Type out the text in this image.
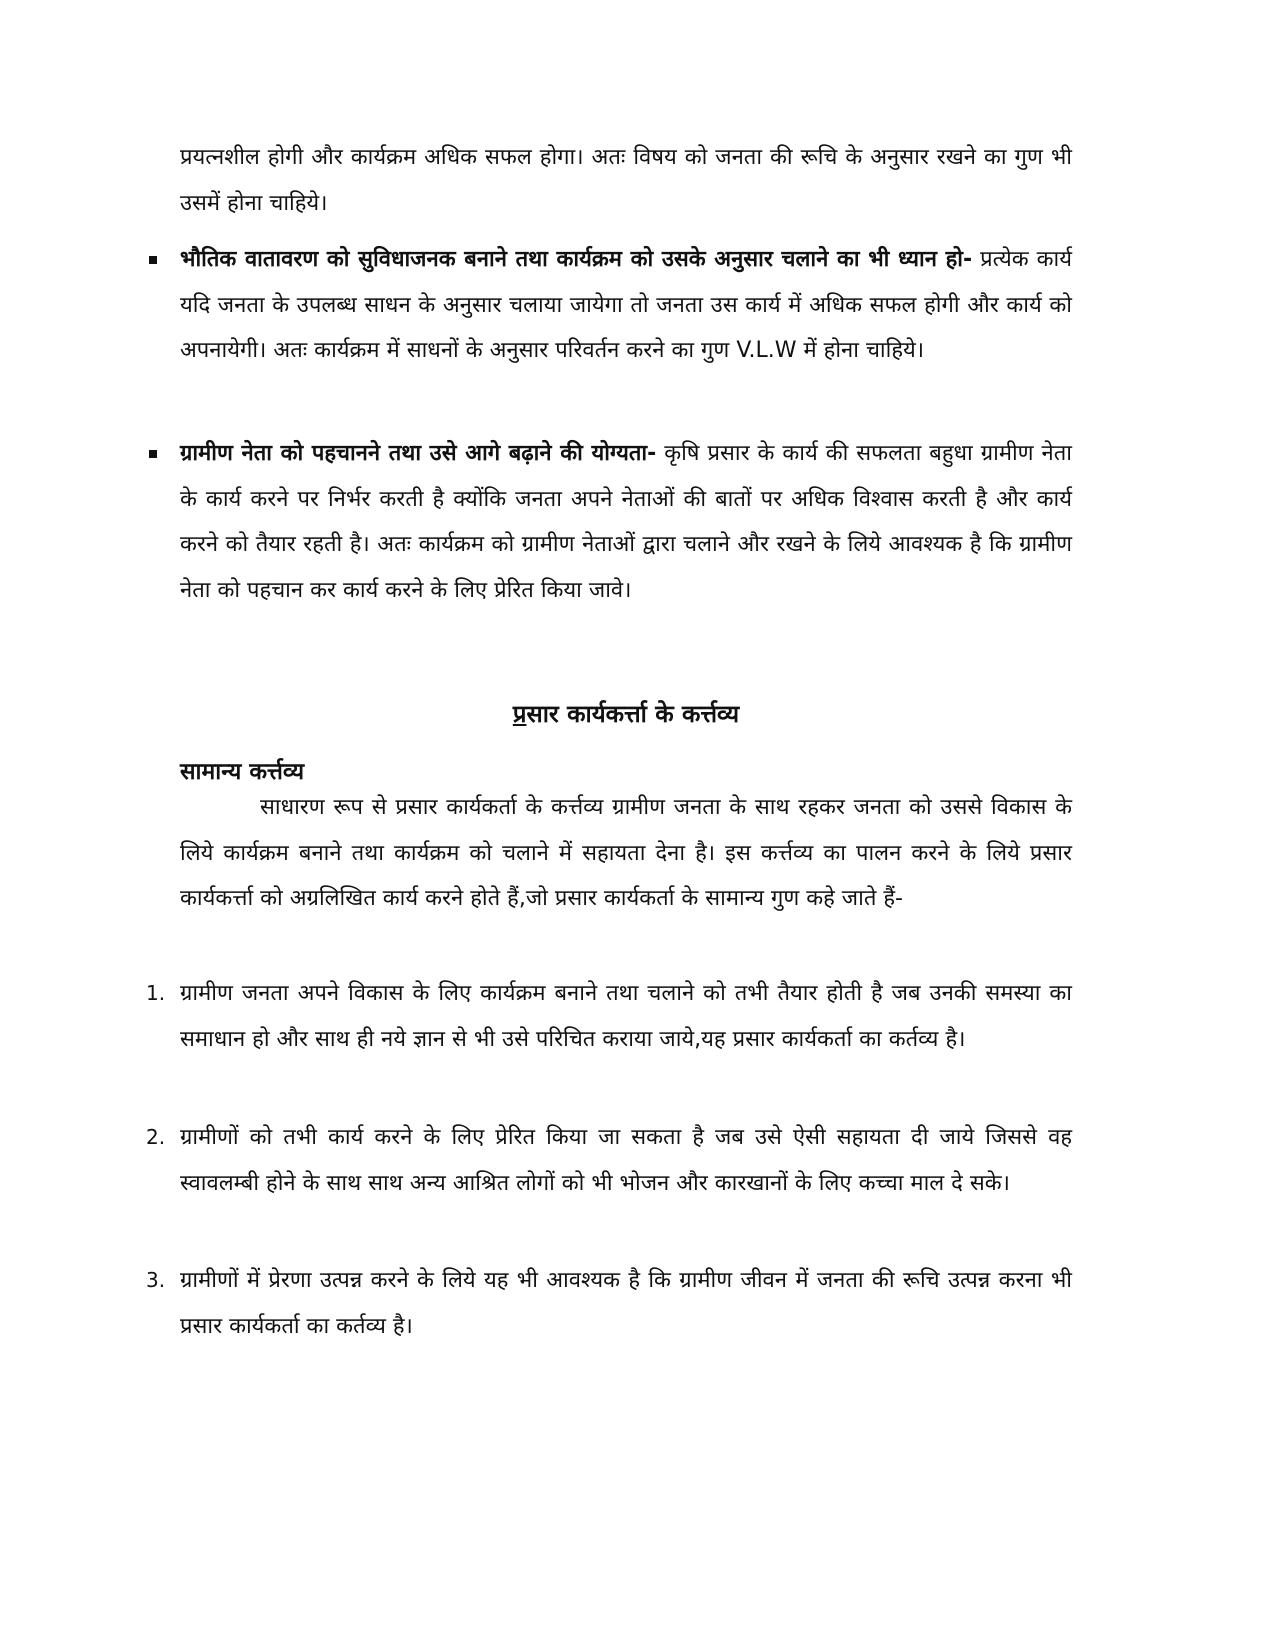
प्रयत्नशील होगी और कार्यक्रम अधिक सफल होगा। अतः विषय को जनता की रूचि के अनुसार रखने का गुण भी उसमें होना चाहिये।
भौतिक वातावरण को सुविधाजनक बनाने तथा कार्यक्रम को उसके अनुसार चलाने का भी ध्यान हो- प्रत्येक कार्य यदि जनता के उपलब्ध साधन के अनुसार चलाया जायेगा तो जनता उस कार्य में अधिक सफल होगी और कार्य को अपनायेगी। अतः कार्यक्रम में साधनों के अनुसार परिवर्तन करने का गुण V.L.W में होना चाहिये।
ग्रामीण नेता को पहचानने तथा उसे आगे बढ़ाने की योग्यता- कृषि प्रसार के कार्य की सफलता बहुधा ग्रामीण नेता के कार्य करने पर निर्भर करती है क्योंकि जनता अपने नेताओं की बातों पर अधिक विश्वास करती है और कार्य करने को तैयार रहती है। अतः कार्यक्रम को ग्रामीण नेताओं द्वारा चलाने और रखने के लिये आवश्यक है कि ग्रामीण नेता को पहचान कर कार्य करने के लिए प्रेरित किया जावे।
प्रसार कार्यकर्त्ता के कर्त्तव्य
सामान्य कर्त्तव्य
साधारण रूप से प्रसार कार्यकर्ता के कर्त्तव्य ग्रामीण जनता के साथ रहकर जनता को उससे विकास के लिये कार्यक्रम बनाने तथा कार्यक्रम को चलाने में सहायता देना है। इस कर्त्तव्य का पालन करने के लिये प्रसार कार्यकर्त्ता को अग्रलिखित कार्य करने होते हैं,जो प्रसार कार्यकर्ता के सामान्य गुण कहे जाते हैं-
1. ग्रामीण जनता अपने विकास के लिए कार्यक्रम बनाने तथा चलाने को तभी तैयार होती है जब उनकी समस्या का समाधान हो और साथ ही नये ज्ञान से भी उसे परिचित कराया जाये,यह प्रसार कार्यकर्ता का कर्तव्य है।
2. ग्रामीणों को तभी कार्य करने के लिए प्रेरित किया जा सकता है जब उसे ऐसी सहायता दी जाये जिससे वह स्वावलम्बी होने के साथ साथ अन्य आश्रित लोगों को भी भोजन और कारखानों के लिए कच्चा माल दे सके।
3. ग्रामीणों में प्रेरणा उत्पन्न करने के लिये यह भी आवश्यक है कि ग्रामीण जीवन में जनता की रूचि उत्पन्न करना भी प्रसार कार्यकर्ता का कर्तव्य है।
